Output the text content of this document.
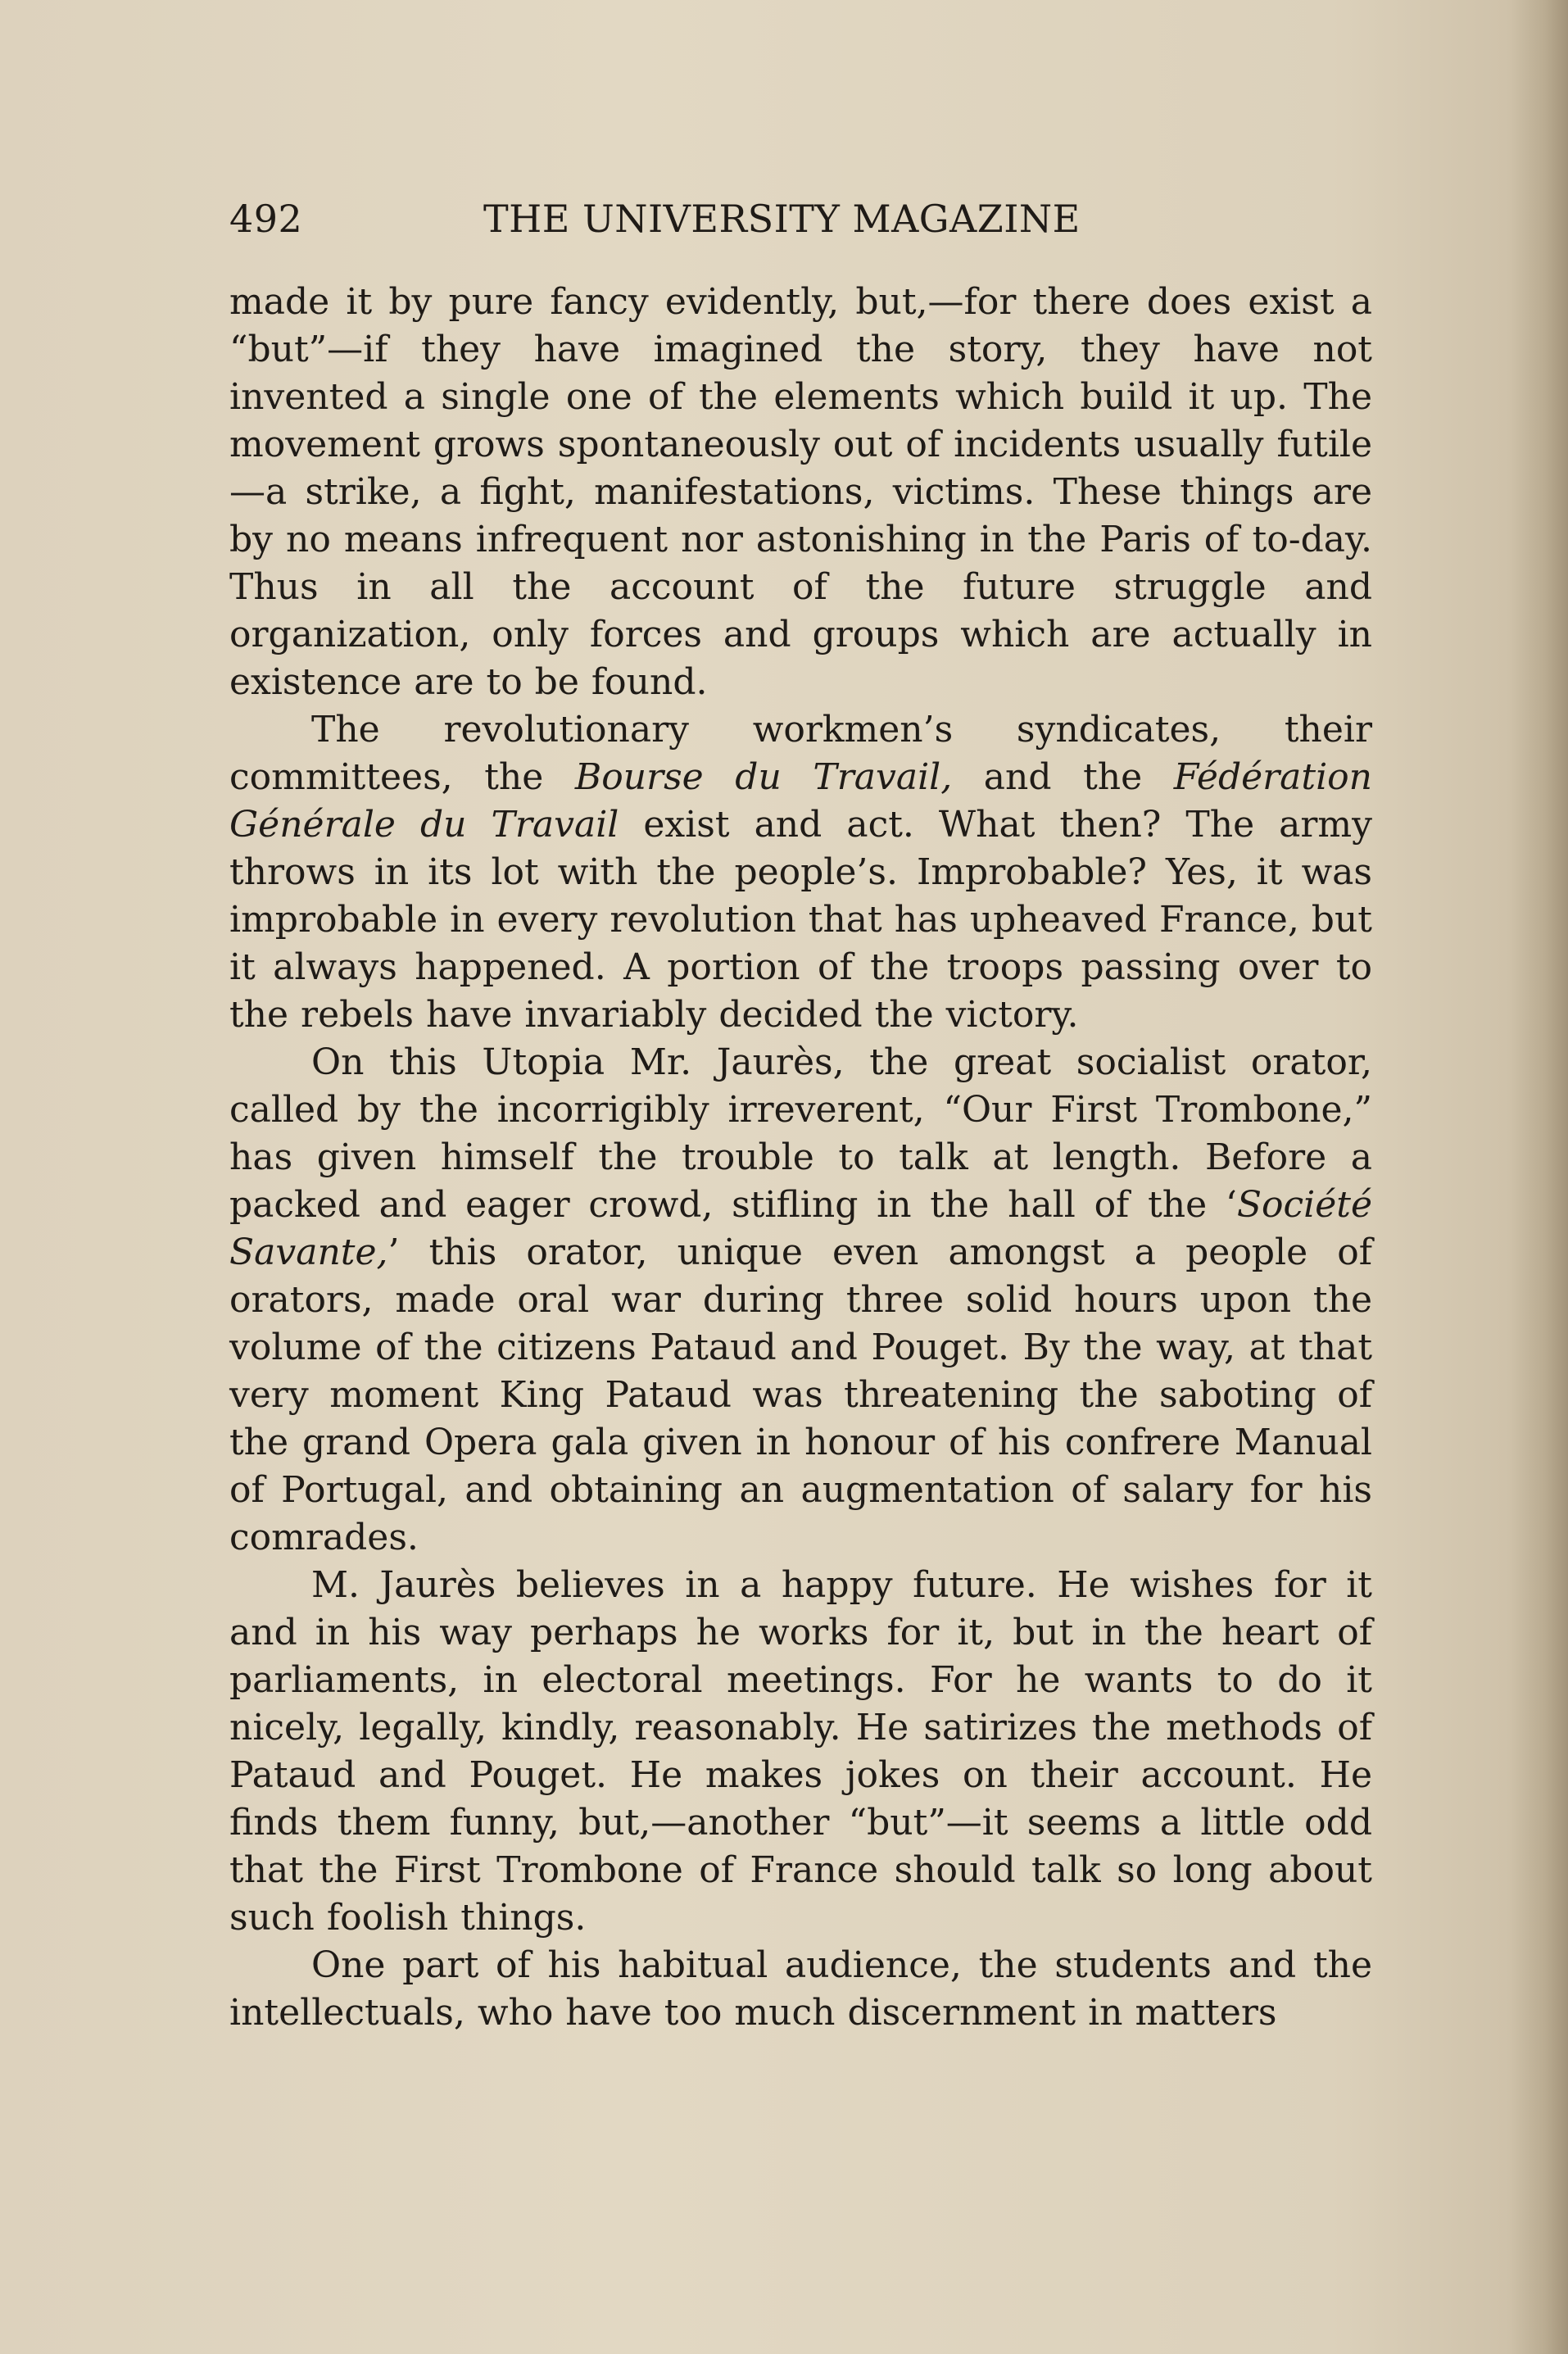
492	THE UNIVERSITY MAGAZINE

made it by pure fancy evidently, but,—for there does exist a “but”—if they have imagined the story, they have not invented a single one of the elements which build it up. The movement grows spontaneously out of incidents usually futile—a strike, a fight, manifestations, victims. These things are by no means infrequent nor astonishing in the Paris of to-day. Thus in all the account of the future struggle and organization, only forces and groups which are actually in existence are to be found.

The revolutionary workmen’s syndicates, their committees, the Bourse du Travail, and the Fédération Générale du Travail exist and act. What then? The army throws in its lot with the people’s. Improbable? Yes, it was improbable in every revolution that has upheaved France, but it always happened. A portion of the troops passing over to the rebels have invariably decided the victory.

On this Utopia Mr. Jaurès, the great socialist orator, called by the incorrigibly irreverent, “Our First Trombone,” has given himself the trouble to talk at length. Before a packed and eager crowd, stifling in the hall of the ‘Société Savante,’ this orator, unique even amongst a people of orators, made oral war during three solid hours upon the volume of the citizens Pataud and Pouget. By the way, at that very moment King Pataud was threatening the saboting of the grand Opera gala given in honour of his confrere Manual of Portugal, and obtaining an augmentation of salary for his comrades.

M. Jaurès believes in a happy future. He wishes for it and in his way perhaps he works for it, but in the heart of parliaments, in electoral meetings. For he wants to do it nicely, legally, kindly, reasonably. He satirizes the methods of Pataud and Pouget. He makes jokes on their account. He finds them funny, but,—another “but”—it seems a little odd that the First Trombone of France should talk so long about such foolish things.

One part of his habitual audience, the students and the intellectuals, who have too much discernment in matters
